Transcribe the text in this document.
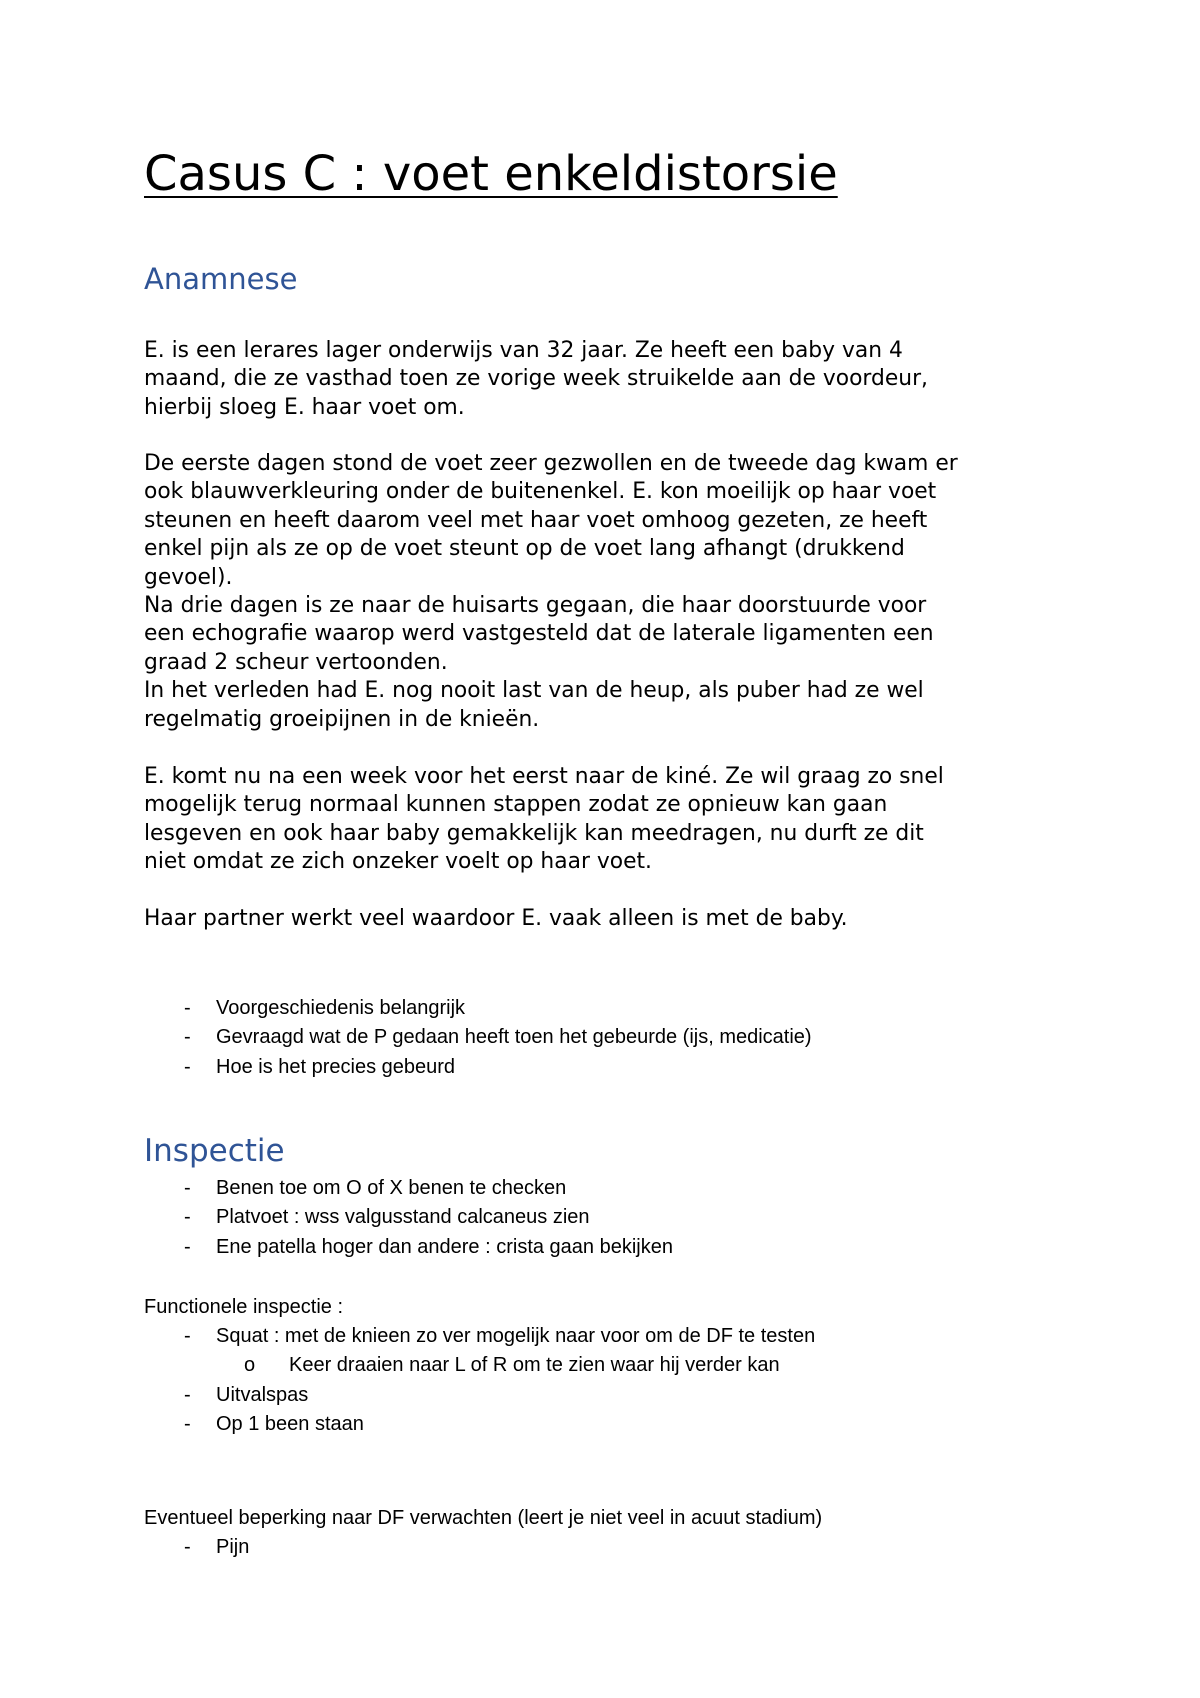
Casus C : voet enkeldistorsie
Anamnese

E. is een lerares lager onderwijs van 32 jaar. Ze heeft een baby van 4
maand, die ze vasthad toen ze vorige week struikelde aan de voordeur,
hierbij sloeg E. haar voet om.

De eerste dagen stond de voet zeer gezwollen en de tweede dag kwam er
ook blauwverkleuring onder de buitenenkel. E. kon moeilijk op haar voet
steunen en heeft daarom veel met haar voet omhoog gezeten, ze heeft
enkel pijn als ze op de voet steunt op de voet lang afhangt (drukkend
gevoel).
Na drie dagen is ze naar de huisarts gegaan, die haar doorstuurde voor
een echografie waarop werd vastgesteld dat de laterale ligamenten een
graad 2 scheur vertoonden.
In het verleden had E. nog nooit last van de heup, als puber had ze wel
regelmatig groeipijnen in de knieën.

E. komt nu na een week voor het eerst naar de kiné. Ze wil graag zo snel
mogelijk terug normaal kunnen stappen zodat ze opnieuw kan gaan
lesgeven en ook haar baby gemakkelijk kan meedragen, nu durft ze dit
niet omdat ze zich onzeker voelt op haar voet.

Haar partner werkt veel waardoor E. vaak alleen is met de baby.

- Voorgeschiedenis belangrijk
- Gevraagd wat de P gedaan heeft toen het gebeurde (ijs, medicatie)
- Hoe is het precies gebeurd
Inspectie
- Benen toe om O of X benen te checken
- Platvoet : wss valgusstand calcaneus zien
- Ene patella hoger dan andere : crista gaan bekijken

Functionele inspectie :

- Squat : met de knieen zo ver mogelijk naar voor om de DF te testen
o Keer draaien naar L of R om te zien waar hij verder kan
- Uitvalspas
- Op 1 been staan

Eventueel beperking naar DF verwachten (leert je niet veel in acuut stadium)

- Pijn
